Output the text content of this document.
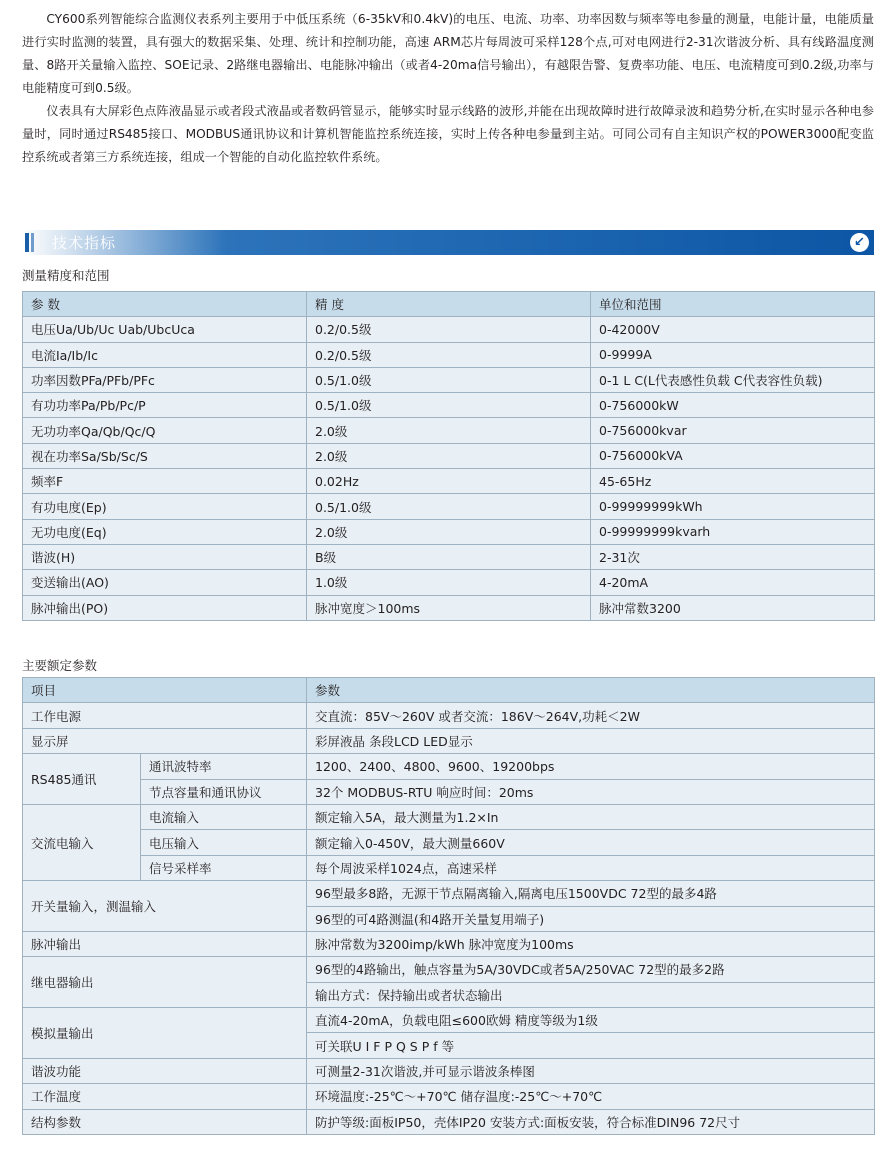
CY600系列智能综合监测仪表系列主要用于中低压系统（6-35kV和0.4kV)的电压、电流、功率、功率因数与频率等电参量的测量，电能计量，电能质量进行实时监测的装置，具有强大的数据采集、处理、统计和控制功能，高速 ARM芯片每周波可采样128个点,可对电网进行2-31次谐波分析、具有线路温度测量、8路开关量输入监控、SOE记录、2路继电器输出、电能脉冲输出（或者4-20ma信号输出），有越限告警、复费率功能、电压、电流精度可到0.2级,功率与电能精度可到0.5级。

仪表具有大屏彩色点阵液晶显示或者段式液晶或者数码管显示，能够实时显示线路的波形,并能在出现故障时进行故障录波和趋势分析,在实时显示各种电参量时，同时通过RS485接口、MODBUS通讯协议和计算机智能监控系统连接，实时上传各种电参量到主站。可同公司有自主知识产权的POWER3000配变监控系统或者第三方系统连接，组成一个智能的自动化监控软件系统。

技术指标	↙
测量精度和范围
参 数	精 度	单位和范围
电压Ua/Ub/Uc Uab/UbcUca	0.2/0.5级	0-42000V
电流Ia/Ib/Ic	0.2/0.5级	0-9999A
功率因数PFa/PFb/PFc	0.5/1.0级	0-1 L C(L代表感性负载 C代表容性负载)
有功功率Pa/Pb/Pc/P	0.5/1.0级	0-756000kW
无功功率Qa/Qb/Qc/Q	2.0级	0-756000kvar
视在功率Sa/Sb/Sc/S	2.0级	0-756000kVA
频率F	0.02Hz	45-65Hz
有功电度(Ep)	0.5/1.0级	0-99999999kWh
无功电度(Eq)	2.0级	0-99999999kvarh
谐波(H)	B级	2-31次
变送输出(AO)	1.0级	4-20mA
脉冲输出(PO)	脉冲宽度＞100ms	脉冲常数3200
主要额定参数
项目		参数
工作电源		交直流：85V～260V 或者交流：186V～264V,功耗＜2W
显示屏		彩屏液晶 条段LCD LED显示
RS485通讯	通讯波特率	1200、2400、4800、9600、19200bps
	节点容量和通讯协议	32个 MODBUS-RTU 响应时间：20ms
交流电输入	电流输入	额定输入5A，最大测量为1.2×In
	电压输入	额定输入0-450V，最大测量660V
	信号采样率	每个周波采样1024点，高速采样
开关量输入，测温输入		96型最多8路，无源干节点隔离输入,隔离电压1500VDC 72型的最多4路
		96型的可4路测温(和4路开关量复用端子)
脉冲输出		脉冲常数为3200imp/kWh 脉冲宽度为100ms
继电器输出		96型的4路输出，触点容量为5A/30VDC或者5A/250VAC 72型的最多2路
		输出方式：保持输出或者状态输出
模拟量输出		直流4-20mA，负载电阻≤600欧姆 精度等级为1级
		可关联U I F P Q S P f 等
谐波功能		可测量2-31次谐波,并可显示谐波条棒图
工作温度		环境温度:-25℃～+70℃ 储存温度:-25℃～+70℃
结构参数		防护等级:面板IP50，壳体IP20 安装方式:面板安装，符合标准DIN96 72尺寸
